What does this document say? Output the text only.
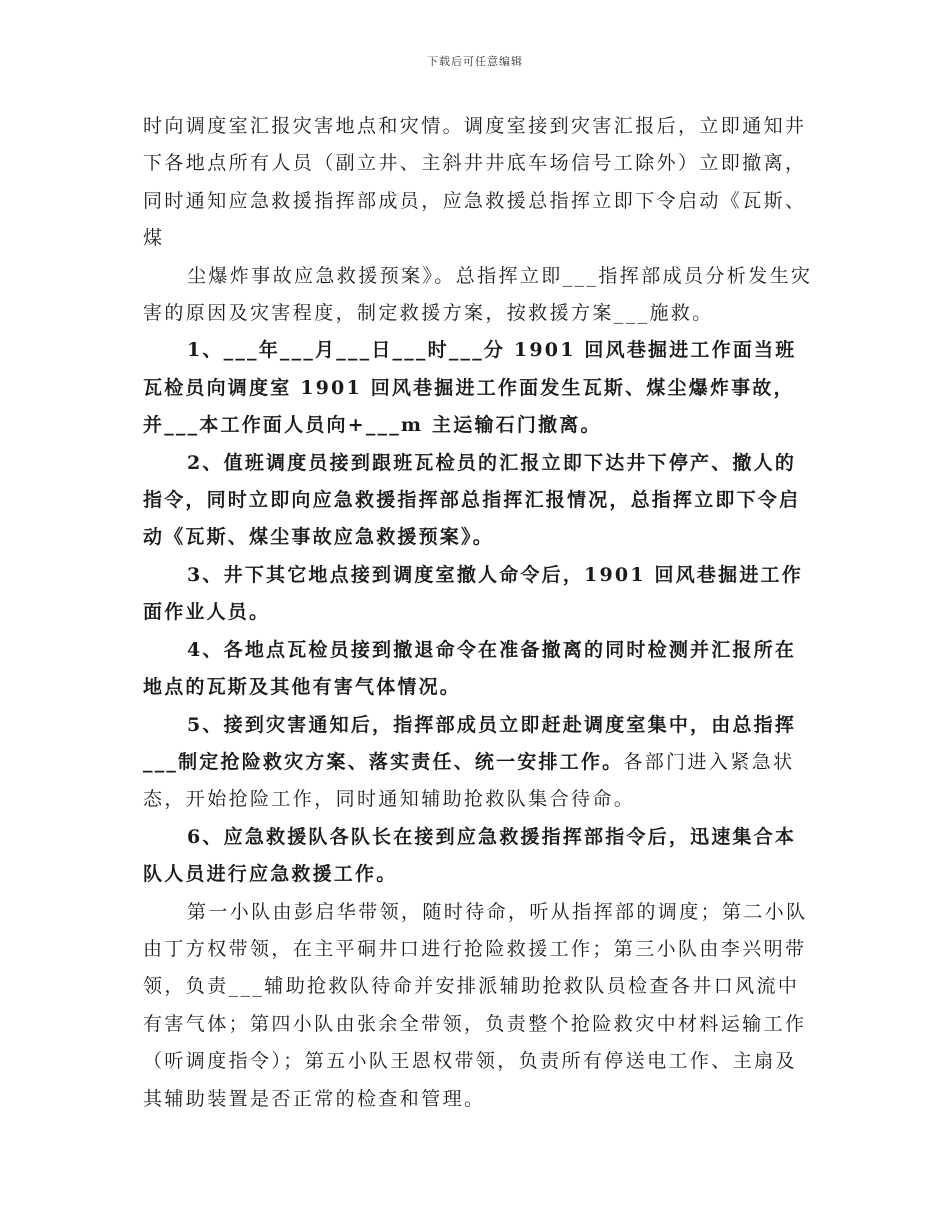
下载后可任意编辑

时向调度室汇报灾害地点和灾情。调度室接到灾害汇报后，立即通知井下各地点所有人员（副立井、主斜井井底车场信号工除外）立即撤离，同时通知应急救援指挥部成员，应急救援总指挥立即下令启动《瓦斯、煤

尘爆炸事故应急救援预案》。总指挥立即___指挥部成员分析发生灾害的原因及灾害程度，制定救援方案，按救援方案___施救。

1、___年___月___日___时___分 1901 回风巷掘进工作面当班瓦检员向调度室 1901 回风巷掘进工作面发生瓦斯、煤尘爆炸事故，并___本工作面人员向+___m 主运输石门撤离。

2、值班调度员接到跟班瓦检员的汇报立即下达井下停产、撤人的指令，同时立即向应急救援指挥部总指挥汇报情况，总指挥立即下令启动《瓦斯、煤尘事故应急救援预案》。

3、井下其它地点接到调度室撤人命令后，1901 回风巷掘进工作面作业人员。

4、各地点瓦检员接到撤退命令在准备撤离的同时检测并汇报所在地点的瓦斯及其他有害气体情况。

5、接到灾害通知后，指挥部成员立即赶赴调度室集中，由总指挥___制定抢险救灾方案、落实责任、统一安排工作。各部门进入紧急状态，开始抢险工作，同时通知辅助抢救队集合待命。

6、应急救援队各队长在接到应急救援指挥部指令后，迅速集合本队人员进行应急救援工作。

第一小队由彭启华带领，随时待命，听从指挥部的调度；第二小队由丁方权带领，在主平硐井口进行抢险救援工作；第三小队由李兴明带领，负责___辅助抢救队待命并安排派辅助抢救队员检查各井口风流中有害气体；第四小队由张余全带领，负责整个抢险救灾中材料运输工作（听调度指令）；第五小队王恩权带领，负责所有停送电工作、主扇及其辅助装置是否正常的检查和管理。
